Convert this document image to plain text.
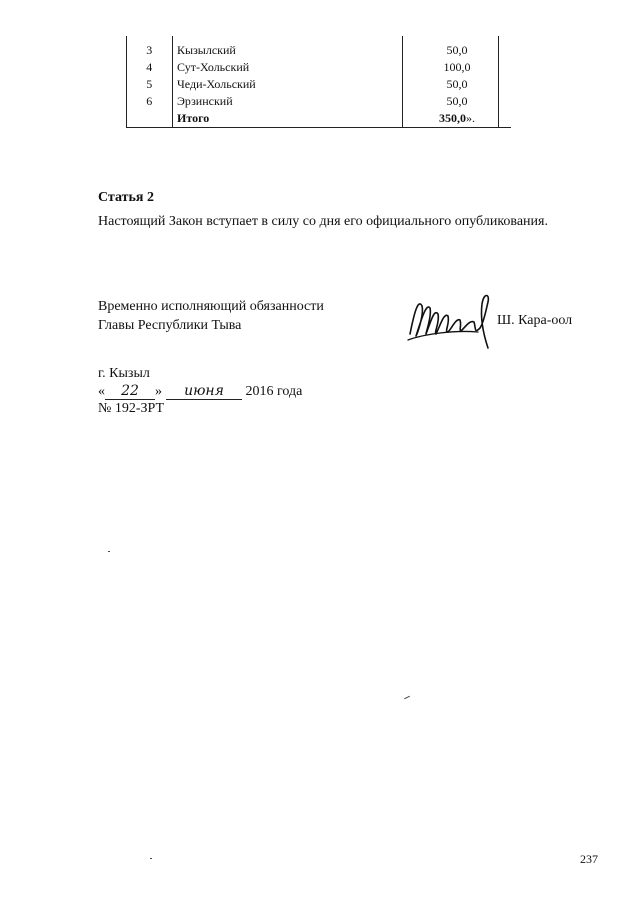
3	Кызылский	50,0
4	Сут-Хольский	100,0
5	Чеди-Хольский	50,0
6	Эрзинский	50,0
	Итого	350,0».
Статья 2
Настоящий Закон вступает в силу со дня его официального опубликования.
Временно исполняющий обязанности
Главы Республики Тыва	Ш. Кара-оол
г. Кызыл
« 22 » июня 2016 года
№ 192-ЗРТ
237
